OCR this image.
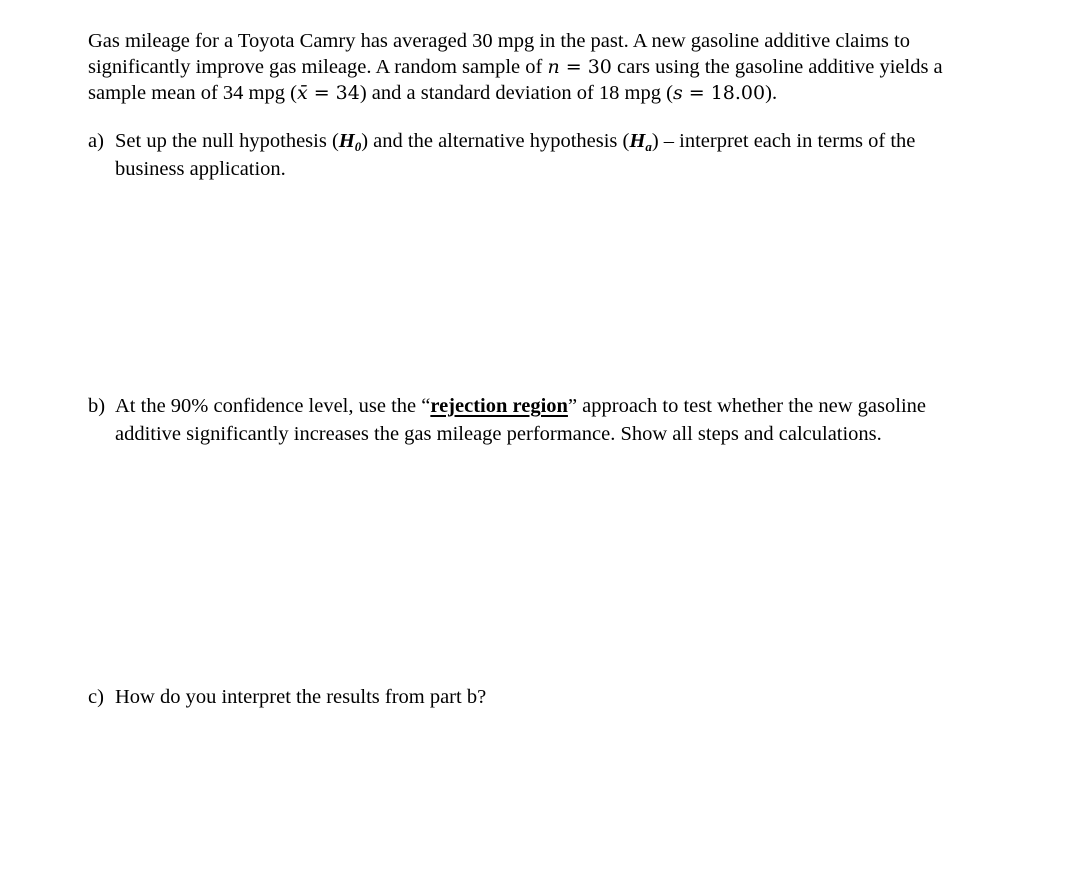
Gas mileage for a Toyota Camry has averaged 30 mpg in the past. A new gasoline additive claims to
significantly improve gas mileage. A random sample of n = 30 cars using the gasoline additive yields a
sample mean of 34 mpg (x̄ = 34) and a standard deviation of 18 mpg (s = 18.00).

a) Set up the null hypothesis $(H_0)$ and the alternative hypothesis $(H_a)$ – interpret each in terms of the
business application.
b) At the 90% confidence level, use the “rejection region” approach to test whether the new gasoline
additive significantly increases the gas mileage performance. Show all steps and calculations.
c) How do you interpret the results from part b?
